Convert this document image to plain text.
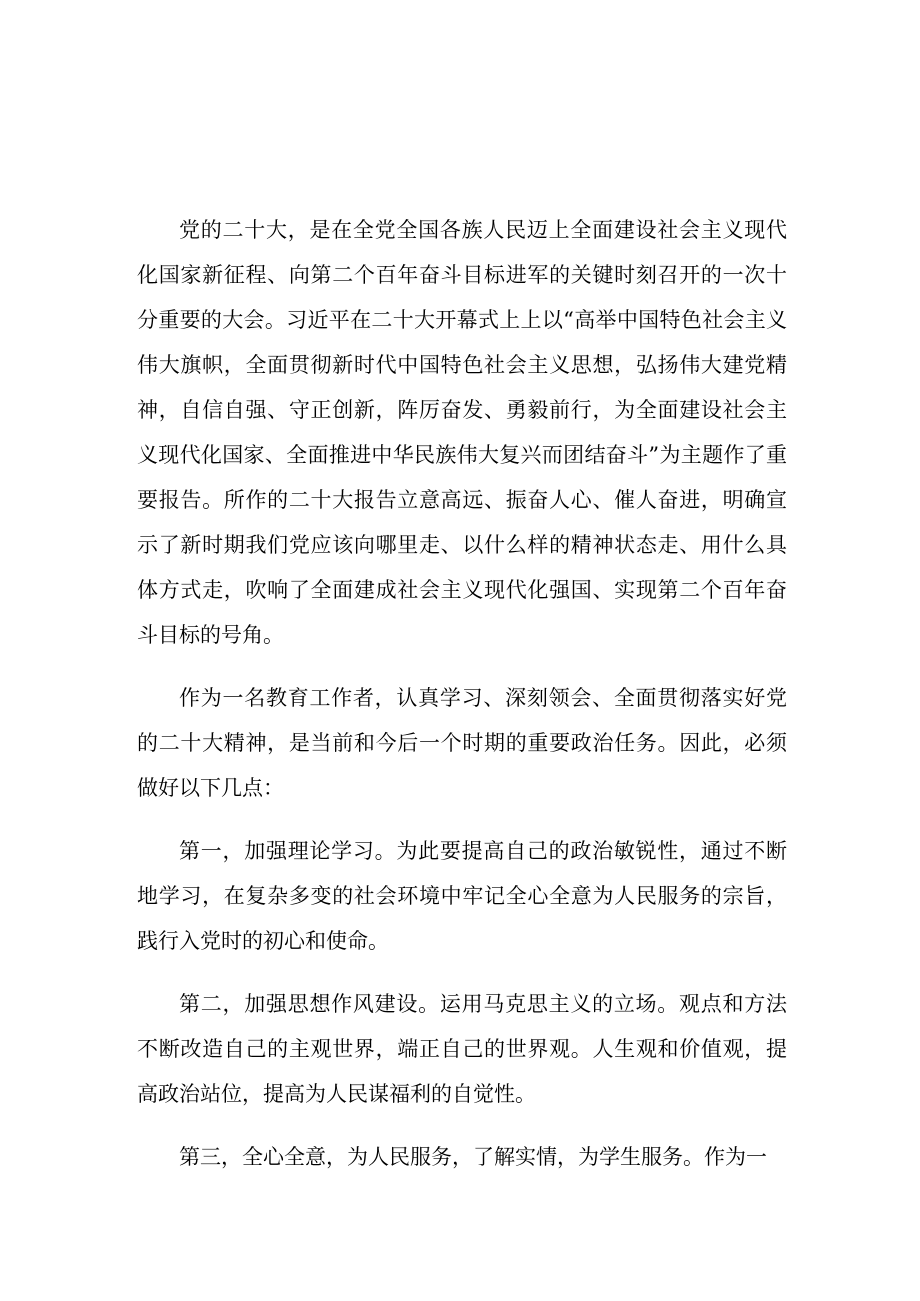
党的二十大，是在全党全国各族人民迈上全面建设社会主义现代化国家新征程、向第二个百年奋斗目标进军的关键时刻召开的一次十分重要的大会。习近平在二十大开幕式上上以“高举中国特色社会主义伟大旗帜，全面贯彻新时代中国特色社会主义思想，弘扬伟大建党精神，自信自强、守正创新，阵厉奋发、勇毅前行，为全面建设社会主义现代化国家、全面推进中华民族伟大复兴而团结奋斗”为主题作了重要报告。所作的二十大报告立意高远、振奋人心、催人奋进，明确宣示了新时期我们党应该向哪里走、以什么样的精神状态走、用什么具体方式走，吹响了全面建成社会主义现代化强国、实现第二个百年奋斗目标的号角。

作为一名教育工作者，认真学习、深刻领会、全面贯彻落实好党的二十大精神，是当前和今后一个时期的重要政治任务。因此，必须做好以下几点：

第一，加强理论学习。为此要提高自己的政治敏锐性，通过不断地学习，在复杂多变的社会环境中牢记全心全意为人民服务的宗旨，践行入党时的初心和使命。

第二，加强思想作风建设。运用马克思主义的立场。观点和方法不断改造自己的主观世界，端正自己的世界观。人生观和价值观，提高政治站位，提高为人民谋福利的自觉性。

第三，全心全意，为人民服务，了解实情，为学生服务。作为一
